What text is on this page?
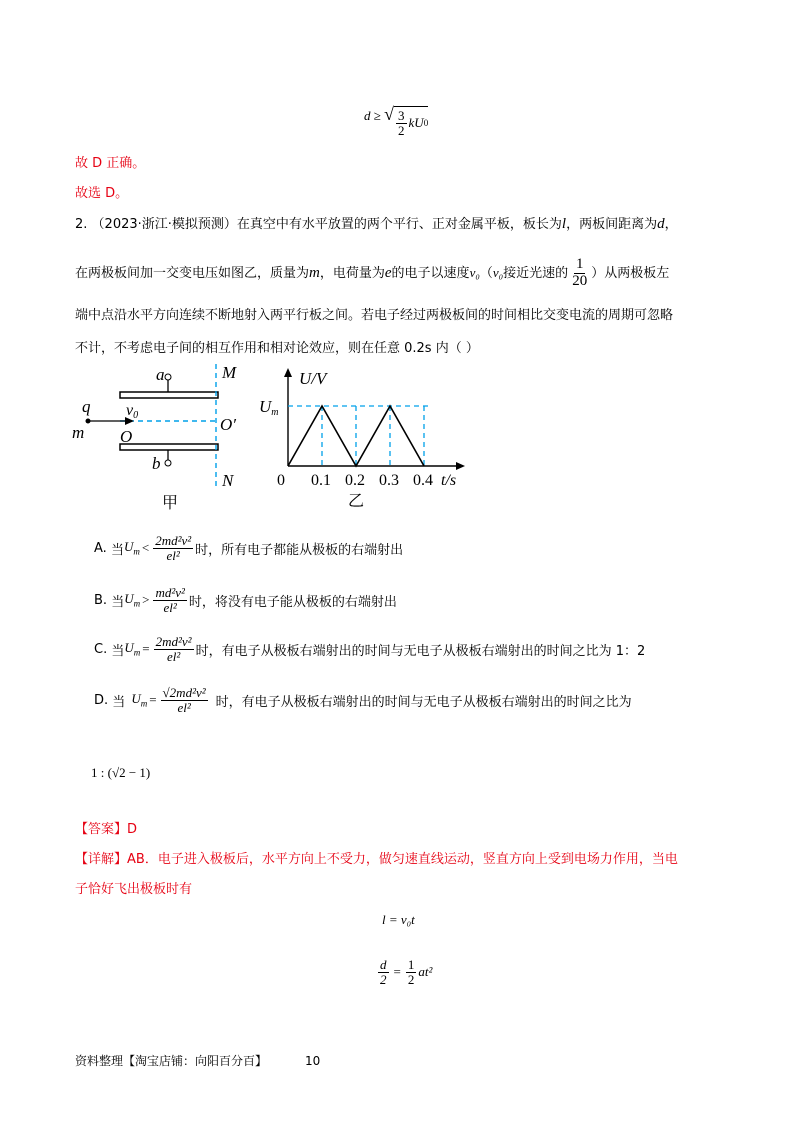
d ≥ √ $\frac{3}{2}$ kU 0
故 D 正确。
故选 D。
2. （2023·浙江·模拟预测）在真空中有水平放置的两个平行、正对金属平板，板长为l，两板间距离为d，
在两极板间加一交变电压如图乙，质量为m，电荷量为e的电子以速度v₀（v₀接近光速的 $\frac{1}{20}$ ）从两极板左
端中点沿水平方向连续不断地射入两平行板之间。若电子经过两极板间的时间相比交变电流的周期可忽略
不计，不考虑电子间的相互作用和相对论效应，则在任意 0.2s 内（ ）
a
b
M
N
q
m
v0
O
O′
甲
U/V
Um
0 0.1 0.2 0.3 0.4 t/s
乙
A.
当 $U_m < \frac{\text{2md²v²}}{\text{el²}}$ 时，所有电子都能从极板的右端射出
B.
当 $U_m > \frac{\text{md²v²}}{\text{el²}}$ 时，将没有电子能从极板的右端射出
C.
当 $U_m = \frac{\text{2md²v²}}{\text{el²}}$ 时，有电子从极板右端射出的时间与无电子从极板右端射出的时间之比为 1：2
D.
当 $U_m = \frac{\text{√2md²v²}}{\text{el²}}$ 时，有电子从极板右端射出的时间与无电子从极板右端射出的时间之比为
1 : (√2 − 1)
【答案】D
【详解】AB．电子进入极板后，水平方向上不受力，做匀速直线运动，竖直方向上受到电场力作用，当电
子恰好飞出极板时有
l = v₀t
$\frac{d}{2} = \frac{1}{2} at^2$
资料整理【淘宝店铺：向阳百分百】	10
